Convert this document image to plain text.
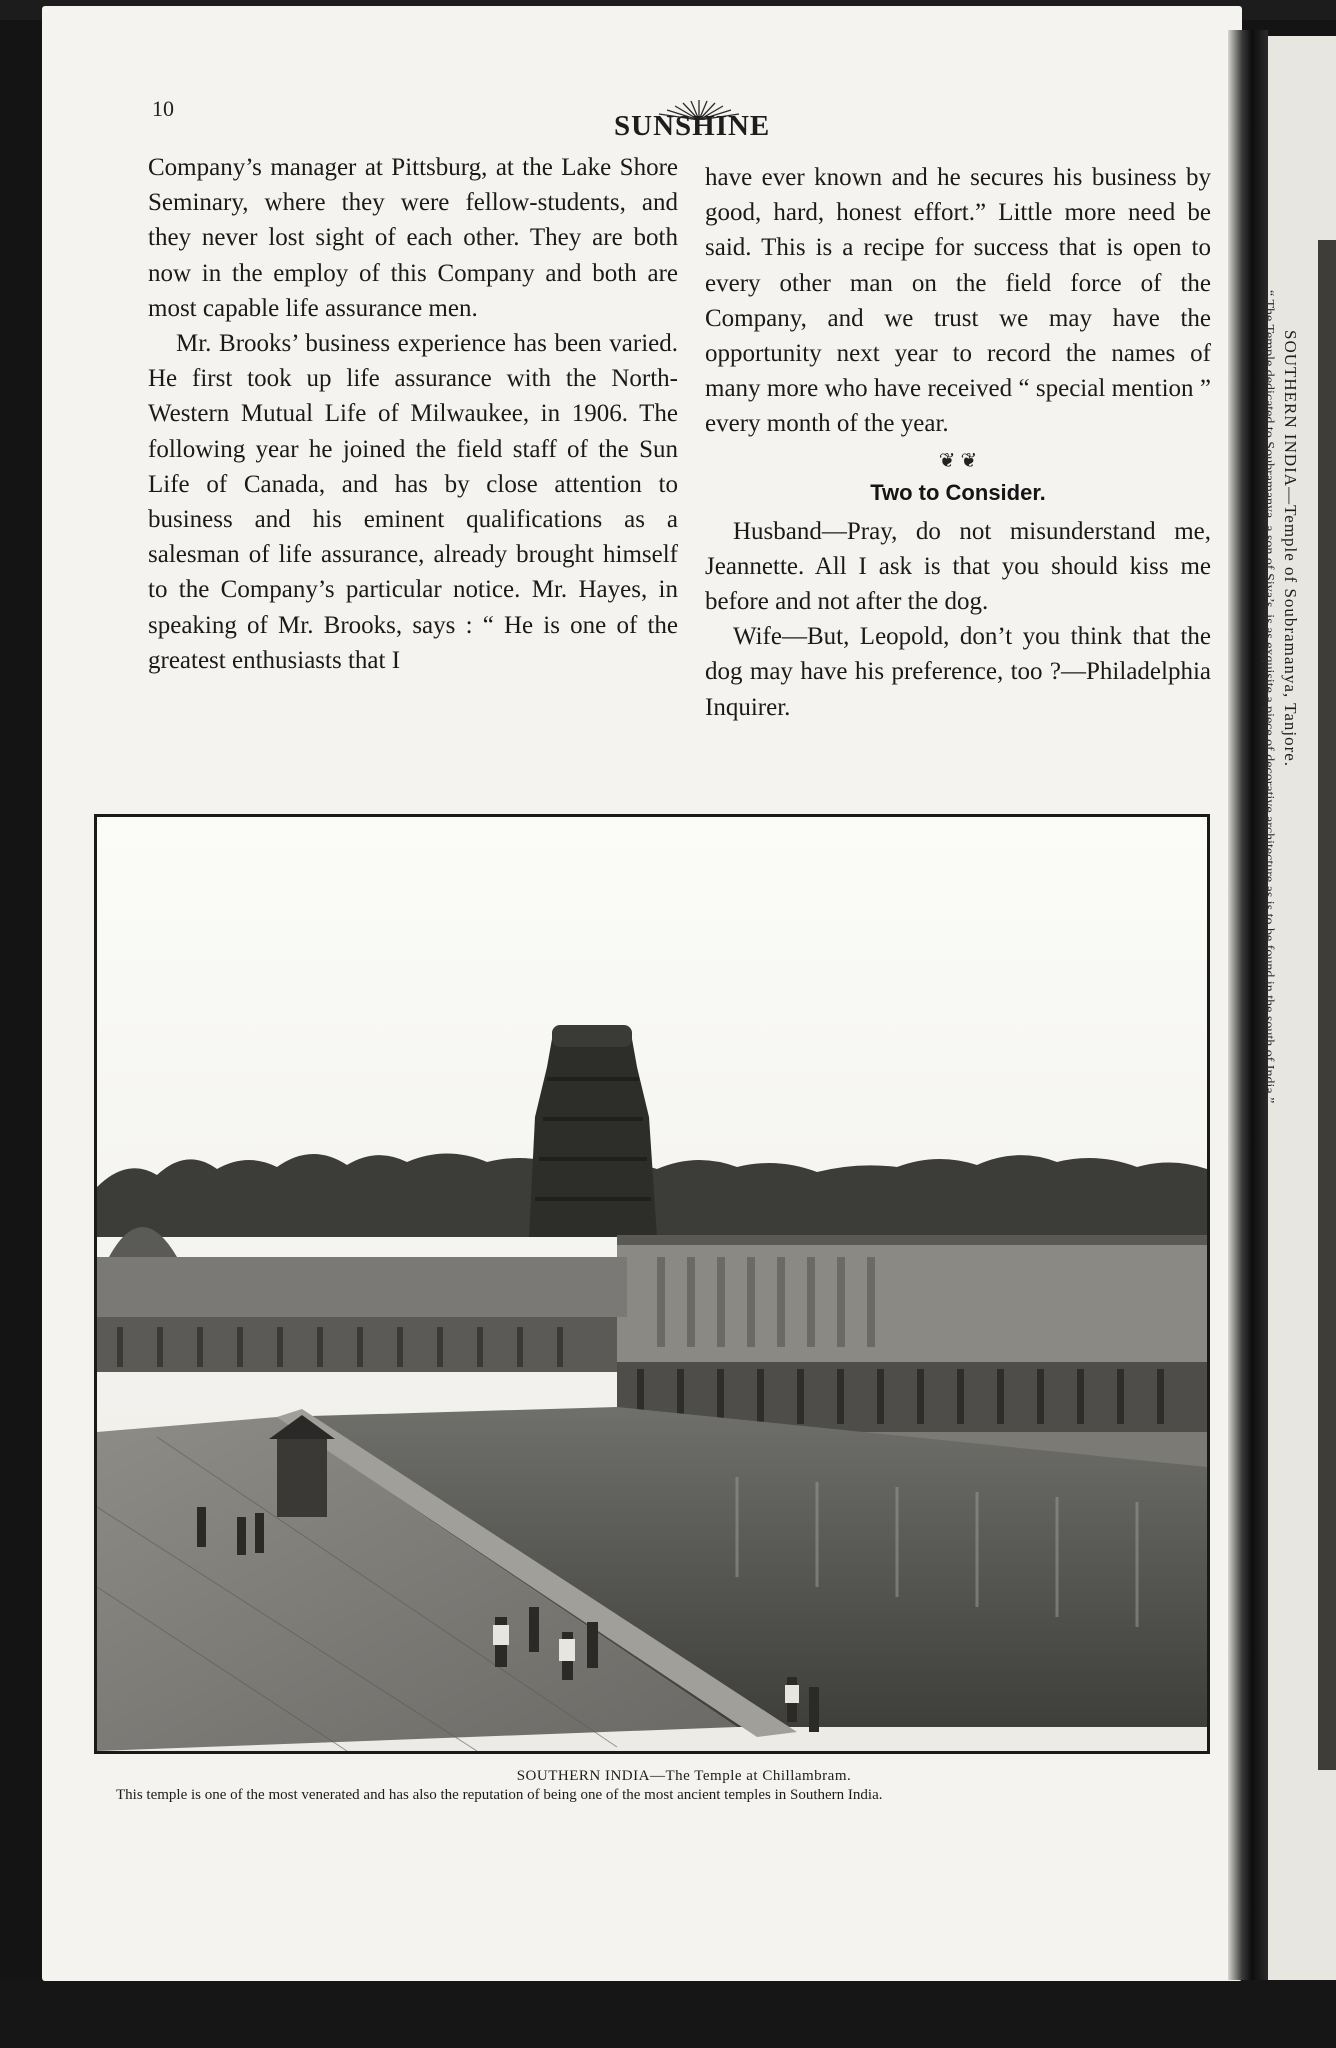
SOUTHERN INDIA—Temple of Soubramanya, Tanjore.
“ The Temple dedicated to Soubramanya, a son of Siva’s, is as exquisite a piece of decorative architecture as is to be found in the south of India.”
10
SUNSHINE

Company’s manager at Pittsburg, at the Lake Shore Seminary, where they were fellow-students, and they never lost sight of each other. They are both now in the employ of this Company and both are most capable life assurance men.

Mr. Brooks’ business experience has been varied. He first took up life assurance with the North-Western Mutual Life of Milwaukee, in 1906. The following year he joined the field staff of the Sun Life of Canada, and has by close attention to business and his eminent qualifications as a salesman of life assurance, already brought himself to the Company’s particular notice. Mr. Hayes, in speaking of Mr. Brooks, says : “ He is one of the greatest enthusiasts that I

have ever known and he secures his business by good, hard, honest effort.” Little more need be said. This is a recipe for success that is open to every other man on the field force of the Company, and we trust we may have the opportunity next year to record the names of many more who have received “ special mention ” every month of the year.

❦ ❦
Two to Consider.

Husband—Pray, do not misunderstand me, Jeannette. All I ask is that you should kiss me before and not after the dog.

Wife—But, Leopold, don’t you think that the dog may have his preference, too ?—Philadelphia Inquirer.

SOUTHERN INDIA—The Temple at Chillambram.
This temple is one of the most venerated and has also the reputation of being one of the most ancient temples in Southern India.
